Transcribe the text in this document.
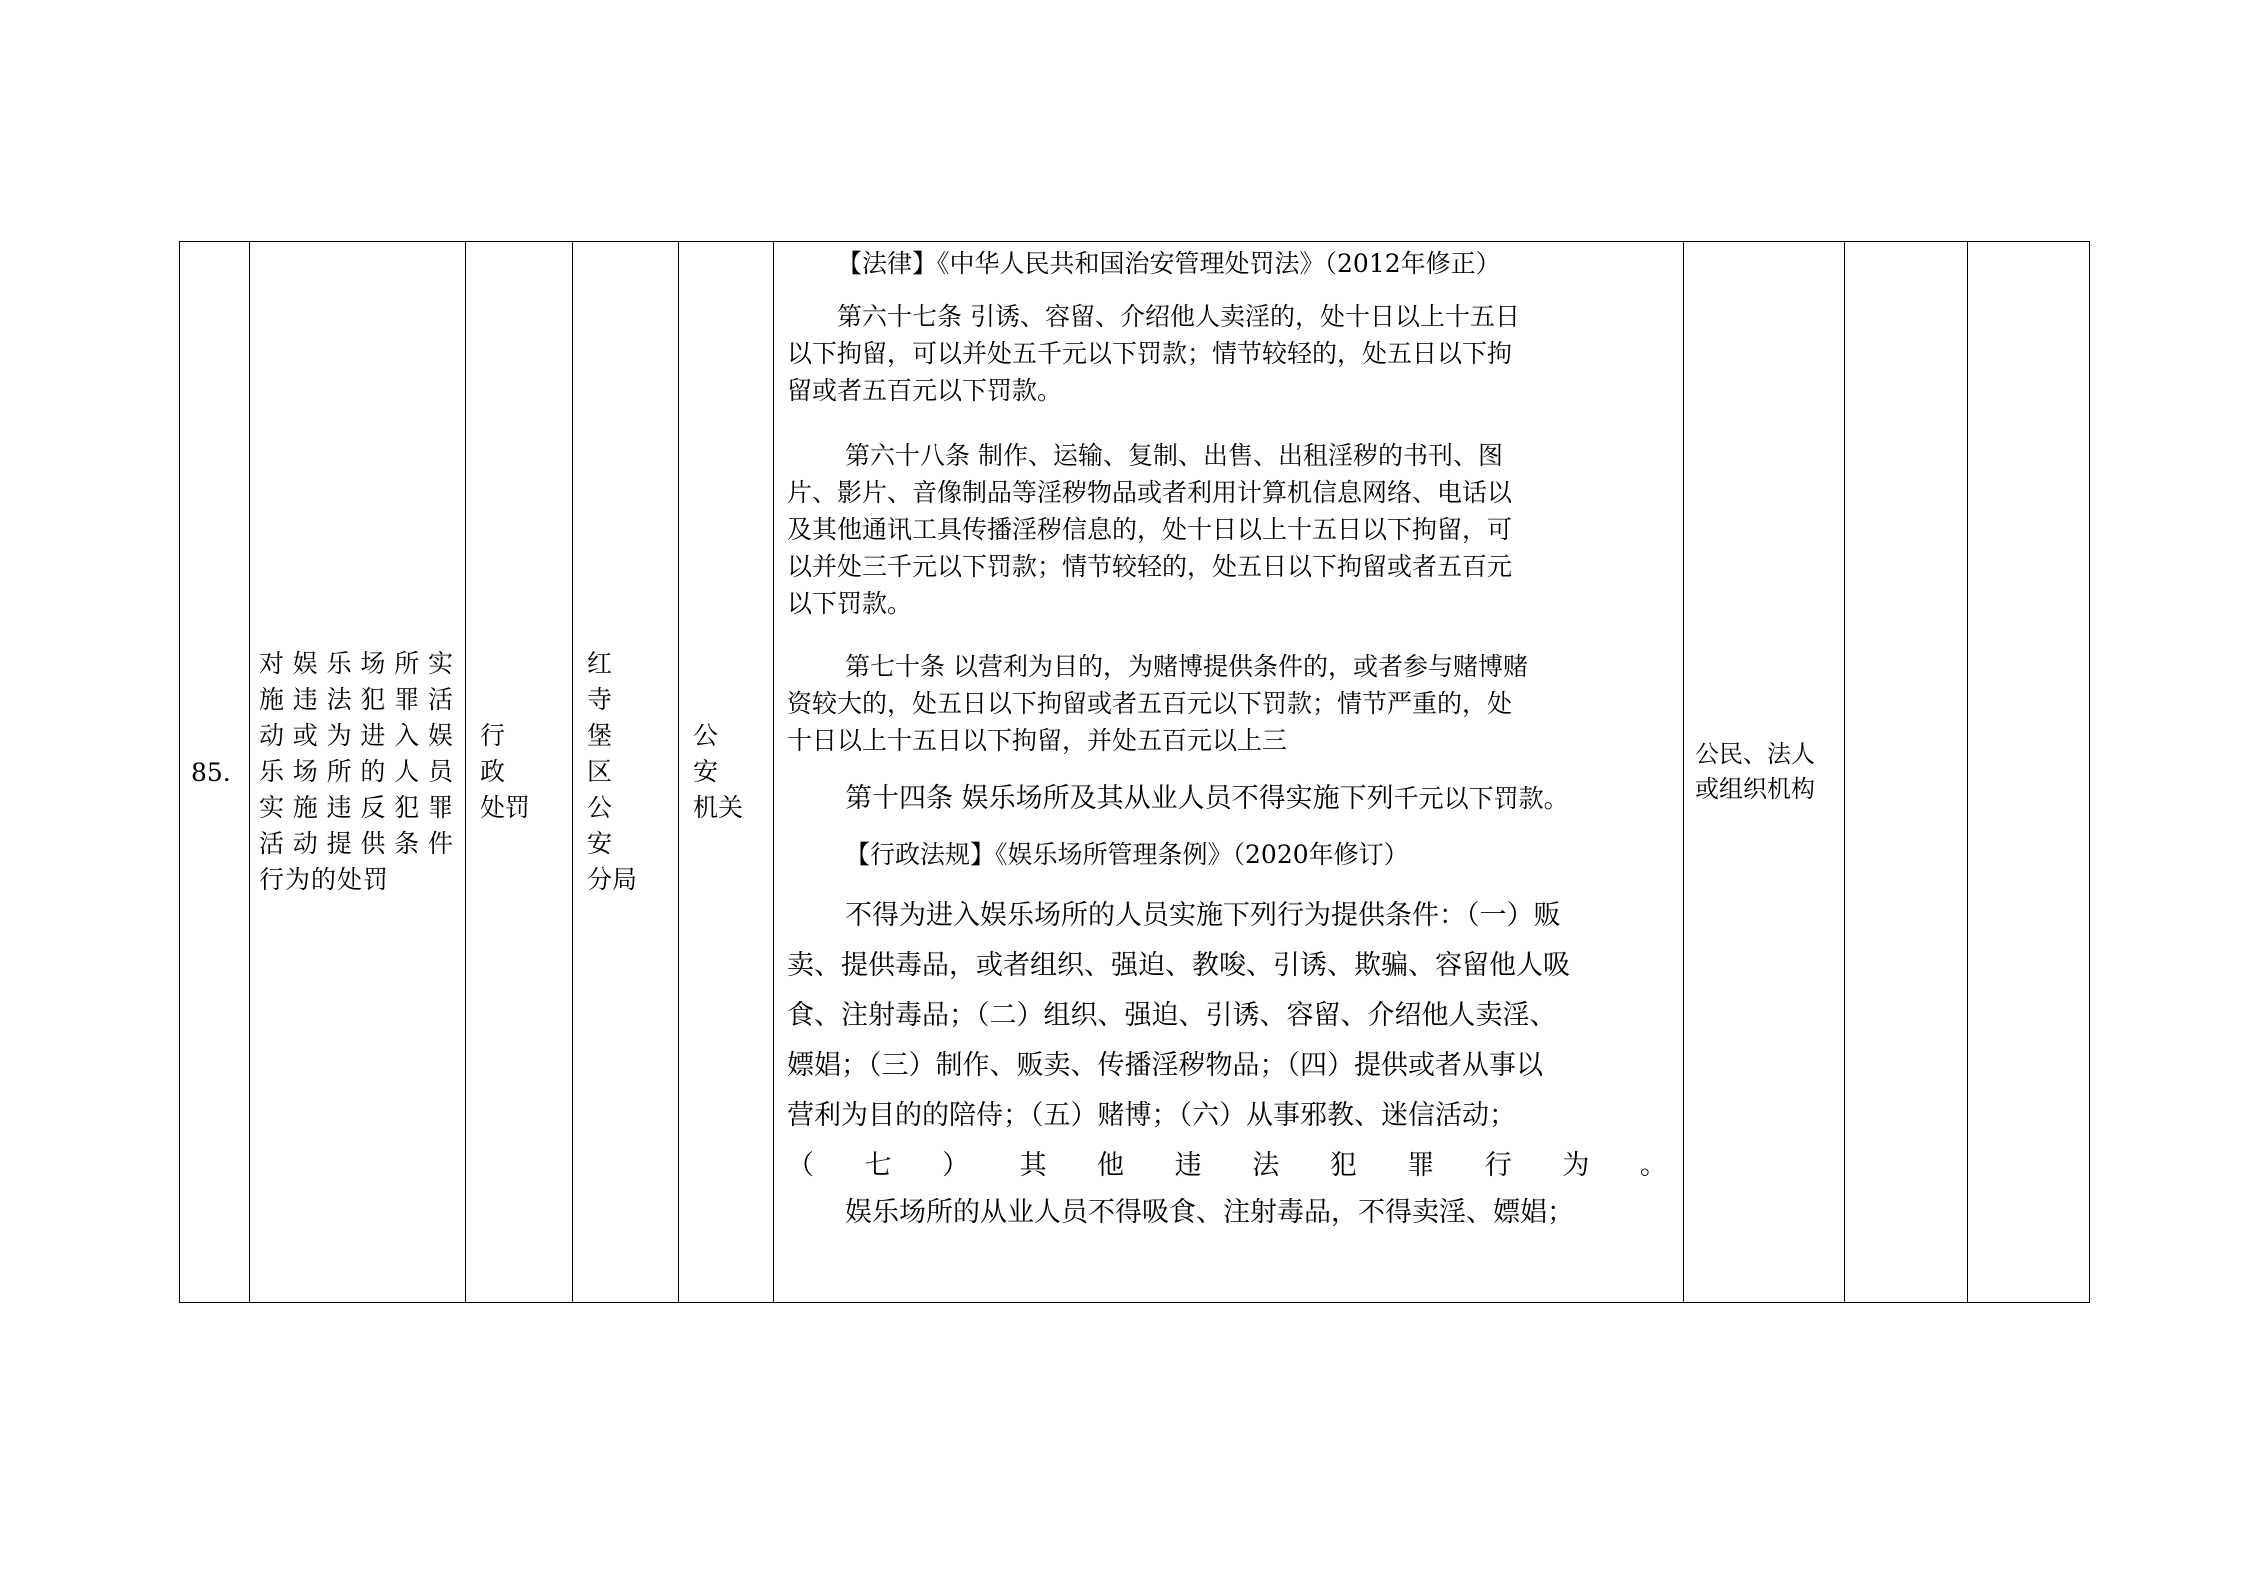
85.
对娱乐场所实
施违法犯罪活
动或为进入娱
乐场所的人员
实施违反犯罪
活动提供条件
行为的处罚
行 政
处罚
红 寺
堡 区
公 安
分局
公安
机关
【法律】《中华人民共和国治安管理处罚法》（2012年修正）
第六十七条 引诱、容留、介绍他人卖淫的，处十日以上十五日
以下拘留，可以并处五千元以下罚款；情节较轻的，处五日以下拘
留或者五百元以下罚款。
第六十八条 制作、运输、复制、出售、出租淫秽的书刊、图
片、影片、音像制品等淫秽物品或者利用计算机信息网络、电话以
及其他通讯工具传播淫秽信息的，处十日以上十五日以下拘留，可
以并处三千元以下罚款；情节较轻的，处五日以下拘留或者五百元
以下罚款。
第七十条 以营利为目的，为赌博提供条件的，或者参与赌博赌
资较大的，处五日以下拘留或者五百元以下罚款；情节严重的，处
十日以上十五日以下拘留，并处五百元以上三
第十四条 娱乐场所及其从业人员不得实施下列千元以下罚款。
【行政法规】《娱乐场所管理条例》（2020年修订）
不得为进入娱乐场所的人员实施下列行为提供条件：（一）贩
卖、提供毒品，或者组织、强迫、教唆、引诱、欺骗、容留他人吸
食、注射毒品；（二）组织、强迫、引诱、容留、介绍他人卖淫、
嫖娼；（三）制作、贩卖、传播淫秽物品；（四）提供或者从事以
营利为目的的陪侍；（五）赌博；（六）从事邪教、迷信活动；
（ 七 ） 其 他 违 法 犯 罪 行 为 。
娱乐场所的从业人员不得吸食、注射毒品，不得卖淫、嫖娼；
公民、法人
或组织机构
